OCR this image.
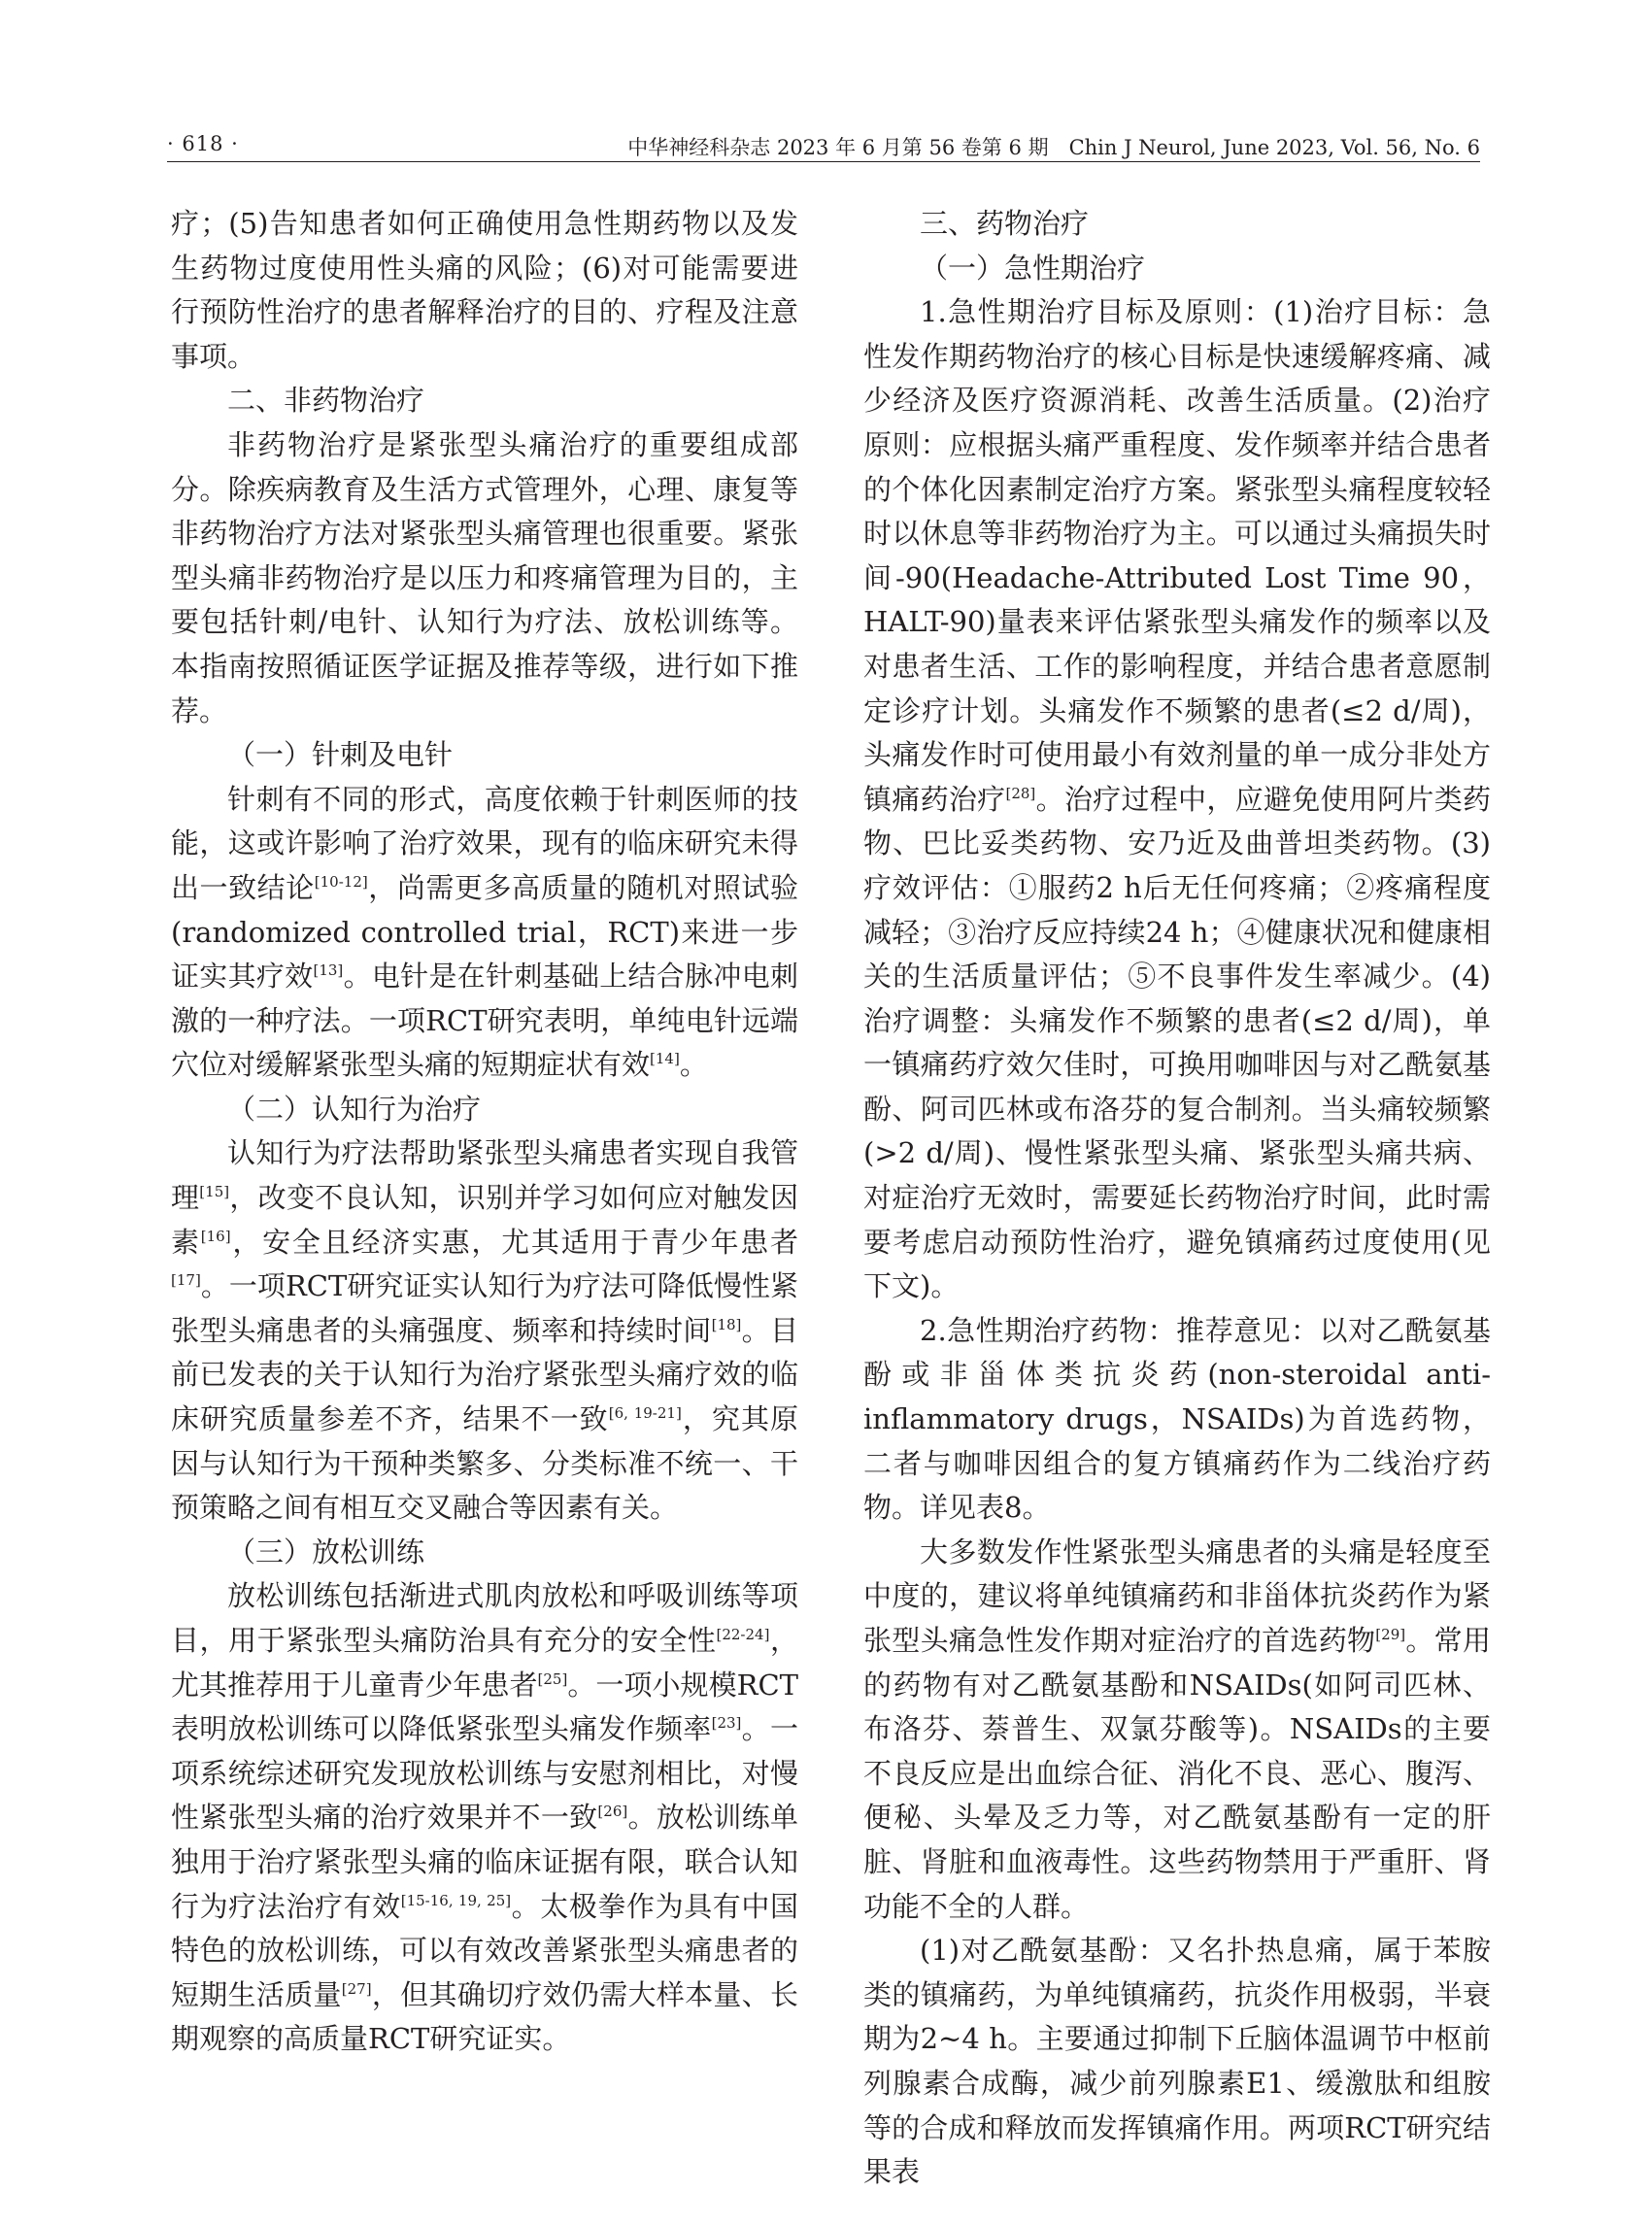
· 618 ·	中华神经科杂志 2023 年 6 月第 56 卷第 6 期　Chin J Neurol, June 2023, Vol. 56, No. 6

疗；(5)告知患者如何正确使用急性期药物以及发生药物过度使用性头痛的风险；(6)对可能需要进行预防性治疗的患者解释治疗的目的、疗程及注意事项。

二、非药物治疗

非药物治疗是紧张型头痛治疗的重要组成部分。除疾病教育及生活方式管理外，心理、康复等非药物治疗方法对紧张型头痛管理也很重要。紧张型头痛非药物治疗是以压力和疼痛管理为目的，主要包括针刺/电针、认知行为疗法、放松训练等。本指南按照循证医学证据及推荐等级，进行如下推荐。

（一）针刺及电针

针刺有不同的形式，高度依赖于针刺医师的技能，这或许影响了治疗效果，现有的临床研究未得出一致结论[10-12]，尚需更多高质量的随机对照试验(randomized controlled trial，RCT)来进一步证实其疗效[13]。电针是在针刺基础上结合脉冲电刺激的一种疗法。一项RCT研究表明，单纯电针远端穴位对缓解紧张型头痛的短期症状有效[14]。

（二）认知行为治疗

认知行为疗法帮助紧张型头痛患者实现自我管理[15]，改变不良认知，识别并学习如何应对触发因素[16]，安全且经济实惠，尤其适用于青少年患者[17]。一项RCT研究证实认知行为疗法可降低慢性紧张型头痛患者的头痛强度、频率和持续时间[18]。目前已发表的关于认知行为治疗紧张型头痛疗效的临床研究质量参差不齐，结果不一致[6, 19-21]，究其原因与认知行为干预种类繁多、分类标准不统一、干预策略之间有相互交叉融合等因素有关。

（三）放松训练

放松训练包括渐进式肌肉放松和呼吸训练等项目，用于紧张型头痛防治具有充分的安全性[22-24]，尤其推荐用于儿童青少年患者[25]。一项小规模RCT表明放松训练可以降低紧张型头痛发作频率[23]。一项系统综述研究发现放松训练与安慰剂相比，对慢性紧张型头痛的治疗效果并不一致[26]。放松训练单独用于治疗紧张型头痛的临床证据有限，联合认知行为疗法治疗有效[15-16, 19, 25]。太极拳作为具有中国特色的放松训练，可以有效改善紧张型头痛患者的短期生活质量[27]，但其确切疗效仍需大样本量、长期观察的高质量RCT研究证实。

三、药物治疗
（一）急性期治疗

1.急性期治疗目标及原则：(1)治疗目标：急性发作期药物治疗的核心目标是快速缓解疼痛、减少经济及医疗资源消耗、改善生活质量。(2)治疗原则：应根据头痛严重程度、发作频率并结合患者的个体化因素制定治疗方案。紧张型头痛程度较轻时以休息等非药物治疗为主。可以通过头痛损失时间-90(Headache-Attributed Lost Time 90，HALT-90)量表来评估紧张型头痛发作的频率以及对患者生活、工作的影响程度，并结合患者意愿制定诊疗计划。头痛发作不频繁的患者(≤2 d/周)，头痛发作时可使用最小有效剂量的单一成分非处方镇痛药治疗[28]。治疗过程中，应避免使用阿片类药物、巴比妥类药物、安乃近及曲普坦类药物。(3)疗效评估：①服药2 h后无任何疼痛；②疼痛程度减轻；③治疗反应持续24 h；④健康状况和健康相关的生活质量评估；⑤不良事件发生率减少。(4)治疗调整：头痛发作不频繁的患者(≤2 d/周)，单一镇痛药疗效欠佳时，可换用咖啡因与对乙酰氨基酚、阿司匹林或布洛芬的复合制剂。当头痛较频繁(>2 d/周)、慢性紧张型头痛、紧张型头痛共病、对症治疗无效时，需要延长药物治疗时间，此时需要考虑启动预防性治疗，避免镇痛药过度使用(见下文)。

2.急性期治疗药物：推荐意见：以对乙酰氨基酚或非甾体类抗炎药(non-steroidal anti-inflammatory drugs，NSAIDs)为首选药物，二者与咖啡因组合的复方镇痛药作为二线治疗药物。详见表8。

大多数发作性紧张型头痛患者的头痛是轻度至中度的，建议将单纯镇痛药和非甾体抗炎药作为紧张型头痛急性发作期对症治疗的首选药物[29]。常用的药物有对乙酰氨基酚和NSAIDs(如阿司匹林、布洛芬、萘普生、双氯芬酸等)。NSAIDs的主要不良反应是出血综合征、消化不良、恶心、腹泻、便秘、头晕及乏力等，对乙酰氨基酚有一定的肝脏、肾脏和血液毒性。这些药物禁用于严重肝、肾功能不全的人群。

(1)对乙酰氨基酚：又名扑热息痛，属于苯胺类的镇痛药，为单纯镇痛药，抗炎作用极弱，半衰期为2~4 h。主要通过抑制下丘脑体温调节中枢前列腺素合成酶，减少前列腺素E1、缓激肽和组胺等的合成和释放而发挥镇痛作用。两项RCT研究结果表
